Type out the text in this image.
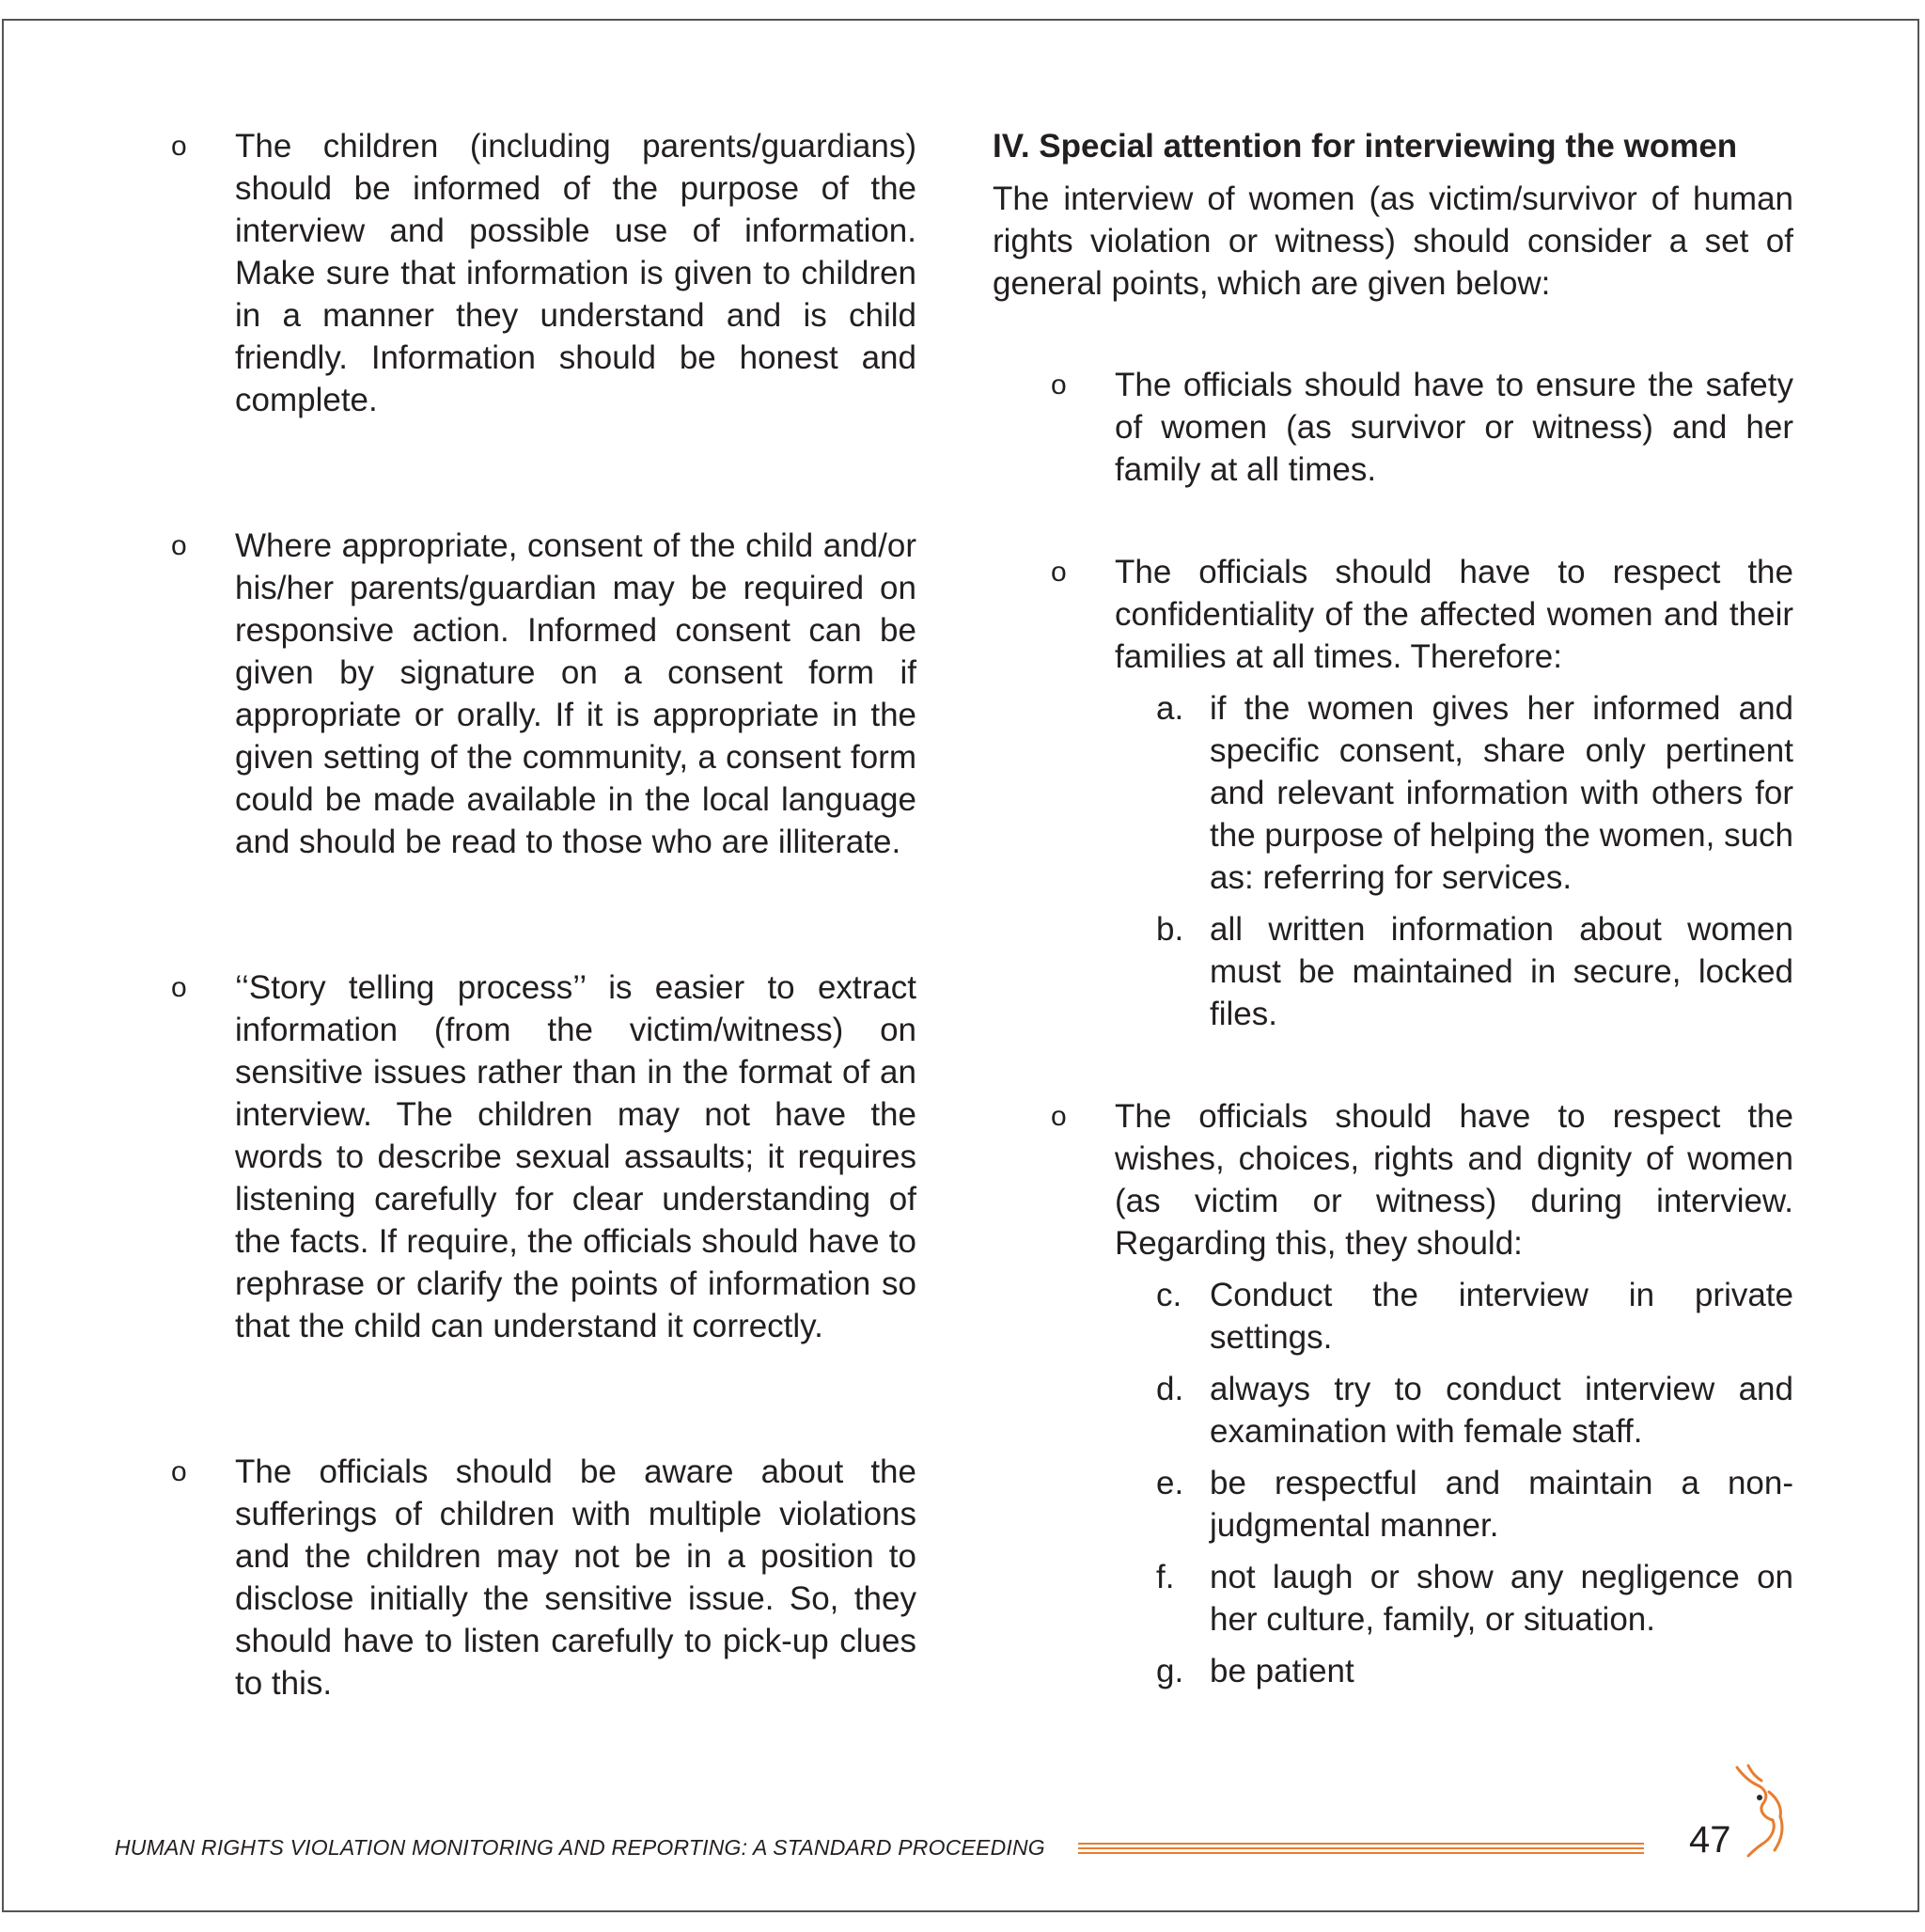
o The children (including parents/guardians) should be informed of the purpose of the interview and possible use of information. Make sure that information is given to children in a manner they understand and is child friendly. Information should be honest and complete.
o Where appropriate, consent of the child and/or his/her parents/guardian may be required on responsive action. Informed consent can be given by signature on a consent form if appropriate or orally. If it is appropriate in the given setting of the community, a consent form could be made available in the local language and should be read to those who are illiterate.
o ‘‘Story telling process’’ is easier to extract information (from the victim/witness) on sensitive issues rather than in the format of an interview. The children may not have the words to describe sexual assaults; it requires listening carefully for clear understanding of the facts. If require, the officials should have to rephrase or clarify the points of information so that the child can understand it correctly.
o The officials should be aware about the sufferings of children with multiple violations and the children may not be in a position to disclose initially the sensitive issue. So, they should have to listen carefully to pick-up clues to this.
IV. Special attention for interviewing the women
The interview of women (as victim/survivor of human rights violation or witness) should consider a set of general points, which are given below:
o The officials should have to ensure the safety of women (as survivor or witness) and her family at all times.
o The officials should have to respect the confidentiality of the affected women and their families at all times. Therefore:
a. if the women gives her informed and specific consent, share only pertinent and relevant information with others for the purpose of helping the women, such as: referring for services.
b. all written information about women must be maintained in secure, locked files.
o The officials should have to respect the wishes, choices, rights and dignity of women (as victim or witness) during interview. Regarding this, they should:
c. Conduct the interview in private settings.
d. always try to conduct interview and examination with female staff.
e. be respectful and maintain a non-judgmental manner.
f. not laugh or show any negligence on her culture, family, or situation.
g. be patient
HUMAN RIGHTS VIOLATION MONITORING AND REPORTING: A STANDARD PROCEEDING	47
